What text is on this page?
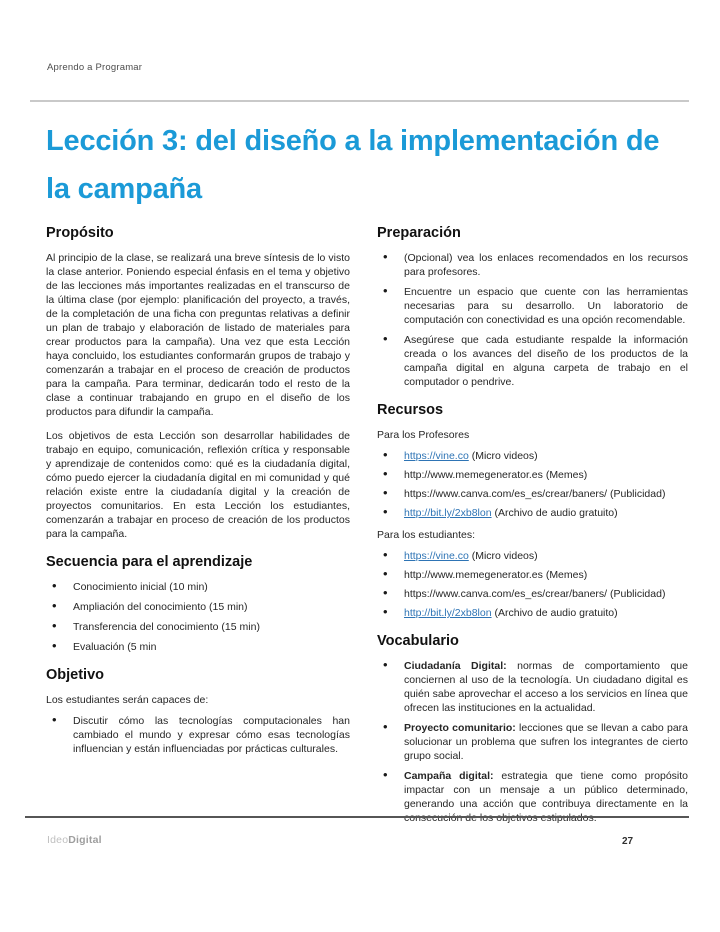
Aprendo a Programar
Lección 3: del diseño a la implementación de
la campaña
Propósito

Al principio de la clase, se realizará una breve síntesis de lo visto la clase anterior. Poniendo especial énfasis en el tema y objetivo de las lecciones más importantes realizadas en el transcurso de la última clase (por ejemplo: planificación del proyecto, a través, de la completación de una ficha con preguntas relativas a definir un plan de trabajo y elaboración de listado de materiales para crear productos para la campaña). Una vez que esta Lección haya concluido, los estudiantes conformarán grupos de trabajo y comenzarán a trabajar en el proceso de creación de productos para la campaña. Para terminar, dedicarán todo el resto de la clase a continuar trabajando en grupo en el diseño de los productos para difundir la campaña.

Los objetivos de esta Lección son desarrollar habilidades de trabajo en equipo, comunicación, reflexión crítica y responsable y aprendizaje de contenidos como: qué es la ciudadanía digital, cómo puedo ejercer la ciudadanía digital en mi comunidad y qué relación existe entre la ciudadanía digital y la creación de proyectos comunitarios. En esta Lección los estudiantes, comenzarán a trabajar en proceso de creación de los productos para la campaña.

Secuencia para el aprendizaje
• Conocimiento inicial (10 min)
• Ampliación del conocimiento (15 min)
• Transferencia del conocimiento (15 min)
• Evaluación (5 min
Objetivo

Los estudiantes serán capaces de:

• Discutir cómo las tecnologías computacionales han cambiado el mundo y expresar cómo esas tecnologías influencian y están influenciadas por prácticas culturales.
Preparación
• (Opcional) vea los enlaces recomendados en los recursos para profesores.
• Encuentre un espacio que cuente con las herramientas necesarias para su desarrollo. Un laboratorio de computación con conectividad es una opción recomendable.
• Asegúrese que cada estudiante respalde la información creada o los avances del diseño de los productos de la campaña digital en alguna carpeta de trabajo en el computador o pendrive.
Recursos

Para los Profesores

• https://vine.co (Micro videos)
• http://www.memegenerator.es (Memes)
• https://www.canva.com/es_es/crear/baners/ (Publicidad)
• http://bit.ly/2xb8lon (Archivo de audio gratuito)

Para los estudiantes:

• https://vine.co (Micro videos)
• http://www.memegenerator.es (Memes)
• https://www.canva.com/es_es/crear/baners/ (Publicidad)
• http://bit.ly/2xb8lon (Archivo de audio gratuito)
Vocabulario
• Ciudadanía Digital: normas de comportamiento que conciernen al uso de la tecnología. Un ciudadano digital es quién sabe aprovechar el acceso a los servicios en línea que ofrecen las instituciones en la actualidad.
• Proyecto comunitario: lecciones que se llevan a cabo para solucionar un problema que sufren los integrantes de cierto grupo social.
• Campaña digital: estrategia que tiene como propósito impactar con un mensaje a un público determinado, generando una acción que contribuya directamente en la consecución de los objetivos estipulados.
IdeoDigital	27
